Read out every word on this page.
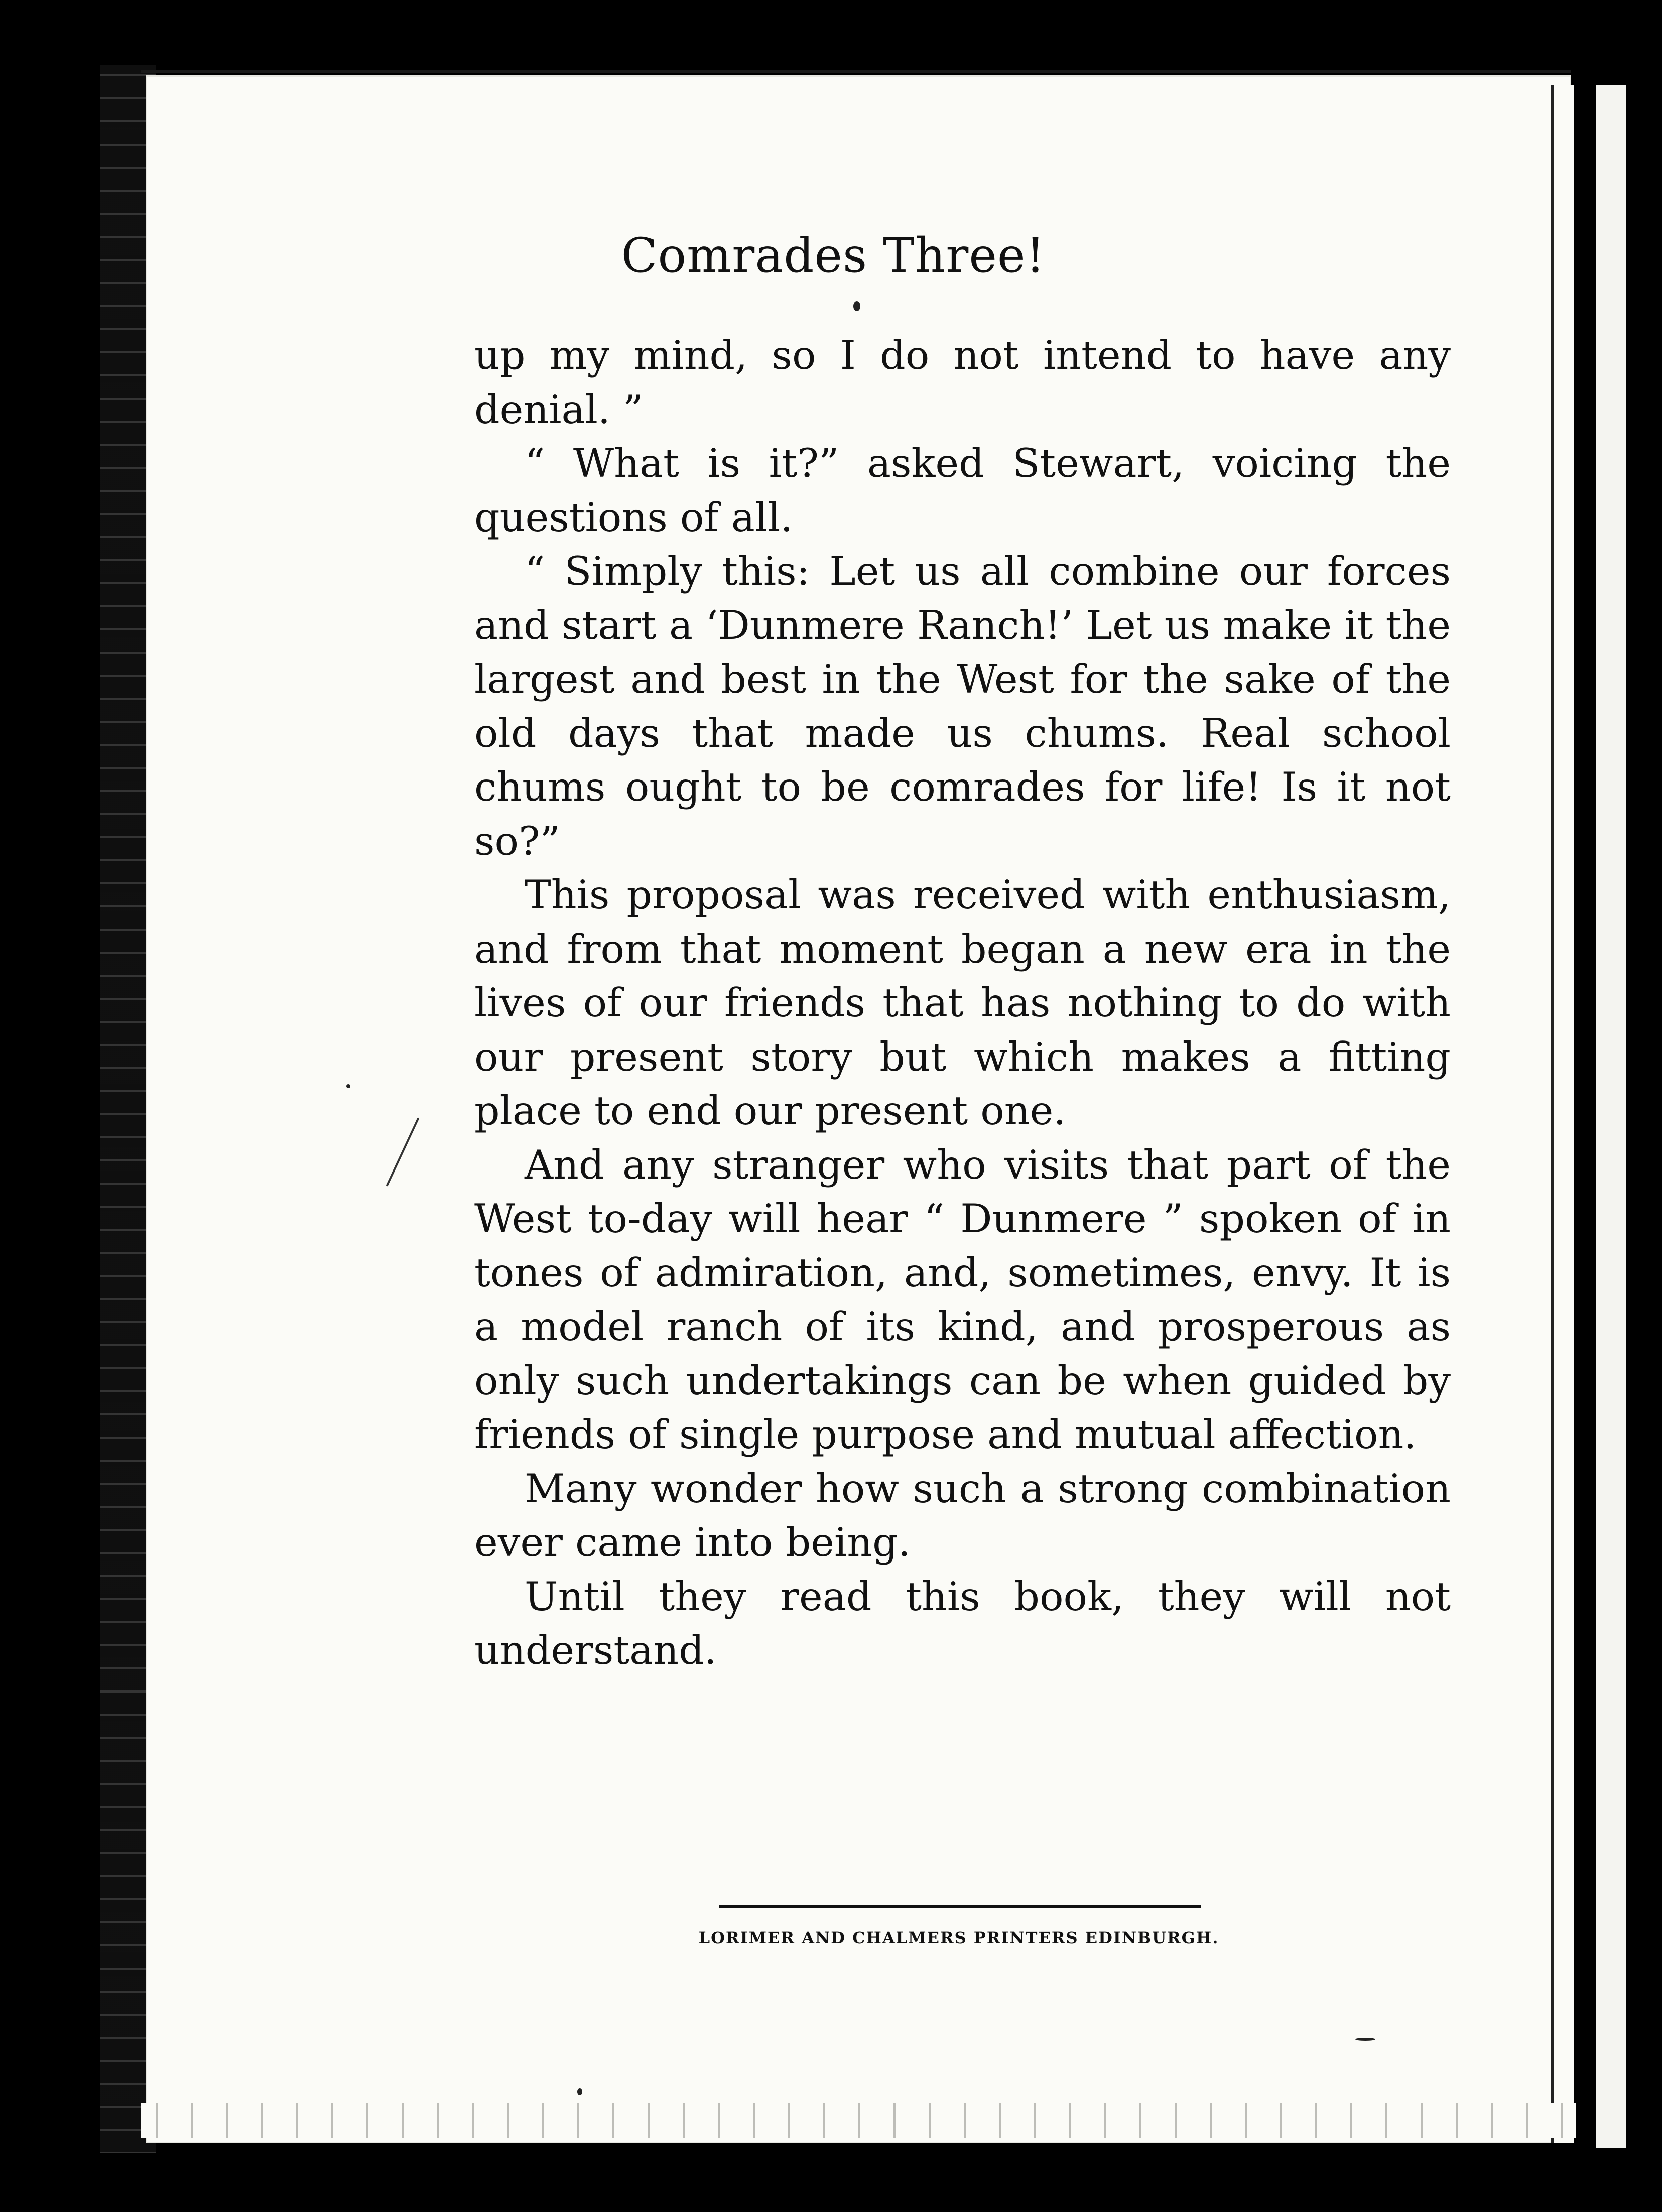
Comrades Three!

up my mind, so I do not intend to have any denial. ”

“ What is it?” asked Stewart, voicing the questions of all.

“ Simply this: Let us all combine our forces and start a ‘Dunmere Ranch!’ Let us make it the largest and best in the West for the sake of the old days that made us chums. Real school chums ought to be comrades for life! Is it not so?”

This proposal was received with enthusiasm, and from that moment began a new era in the lives of our friends that has nothing to do with our present story but which makes a fitting place to end our present one.

And any stranger who visits that part of the West to-day will hear “ Dunmere ” spoken of in tones of admiration, and, sometimes, envy. It is a model ranch of its kind, and prosperous as only such undertakings can be when guided by friends of single purpose and mutual affection.

Many wonder how such a strong combination ever came into being.

Until they read this book, they will not understand.

LORIMER AND CHALMERS PRINTERS EDINBURGH.
